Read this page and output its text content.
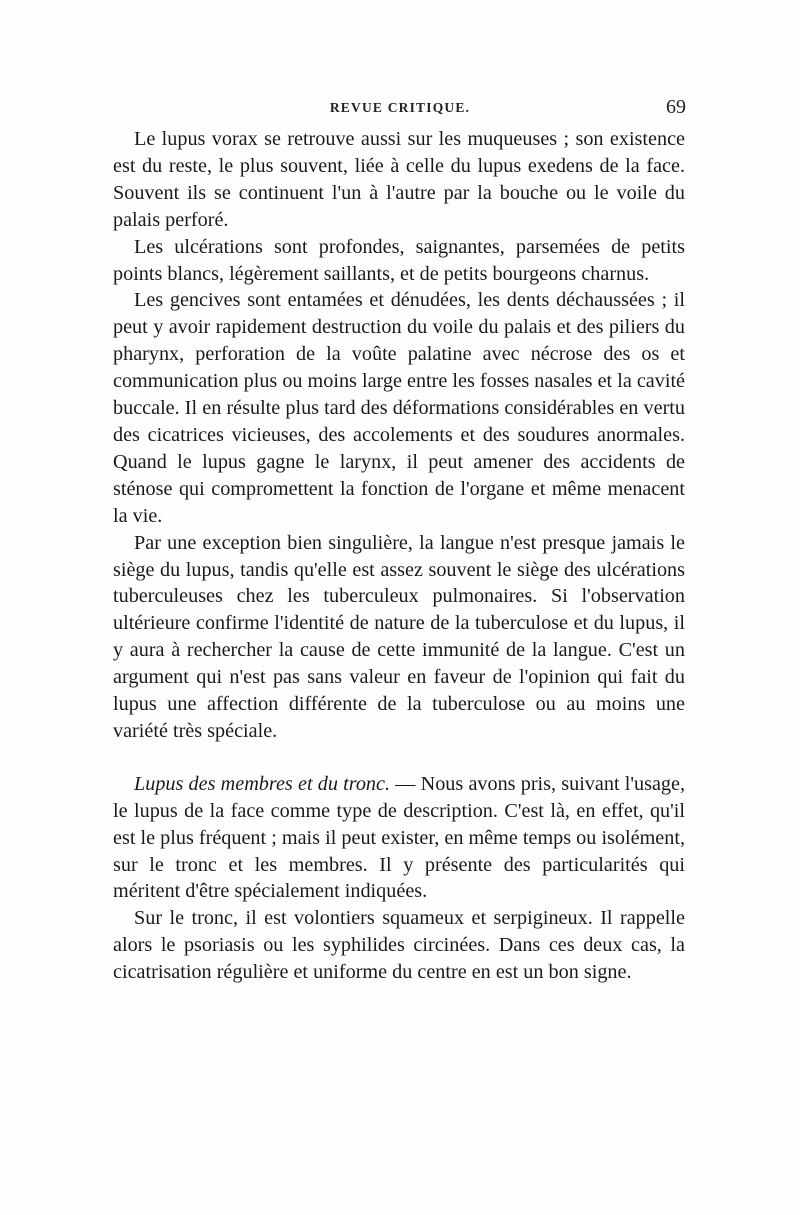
REVUE CRITIQUE.	69

Le lupus vorax se retrouve aussi sur les muqueuses ; son existence est du reste, le plus souvent, liée à celle du lupus exedens de la face. Souvent ils se continuent l'un à l'autre par la bouche ou le voile du palais perforé.

Les ulcérations sont profondes, saignantes, parsemées de petits points blancs, légèrement saillants, et de petits bourgeons charnus.

Les gencives sont entamées et dénudées, les dents déchaussées ; il peut y avoir rapidement destruction du voile du palais et des piliers du pharynx, perforation de la voûte palatine avec nécrose des os et communication plus ou moins large entre les fosses nasales et la cavité buccale. Il en résulte plus tard des déformations considérables en vertu des cicatrices vicieuses, des accolements et des soudures anormales. Quand le lupus gagne le larynx, il peut amener des accidents de sténose qui compromettent la fonction de l'organe et même menacent la vie.

Par une exception bien singulière, la langue n'est presque jamais le siège du lupus, tandis qu'elle est assez souvent le siège des ulcérations tuberculeuses chez les tuberculeux pulmonaires. Si l'observation ultérieure confirme l'identité de nature de la tuberculose et du lupus, il y aura à rechercher la cause de cette immunité de la langue. C'est un argument qui n'est pas sans valeur en faveur de l'opinion qui fait du lupus une affection différente de la tuberculose ou au moins une variété très spéciale.

Lupus des membres et du tronc. — Nous avons pris, suivant l'usage, le lupus de la face comme type de description. C'est là, en effet, qu'il est le plus fréquent ; mais il peut exister, en même temps ou isolément, sur le tronc et les membres. Il y présente des particularités qui méritent d'être spécialement indiquées.

Sur le tronc, il est volontiers squameux et serpigineux. Il rappelle alors le psoriasis ou les syphilides circinées. Dans ces deux cas, la cicatrisation régulière et uniforme du centre en est un bon signe.
